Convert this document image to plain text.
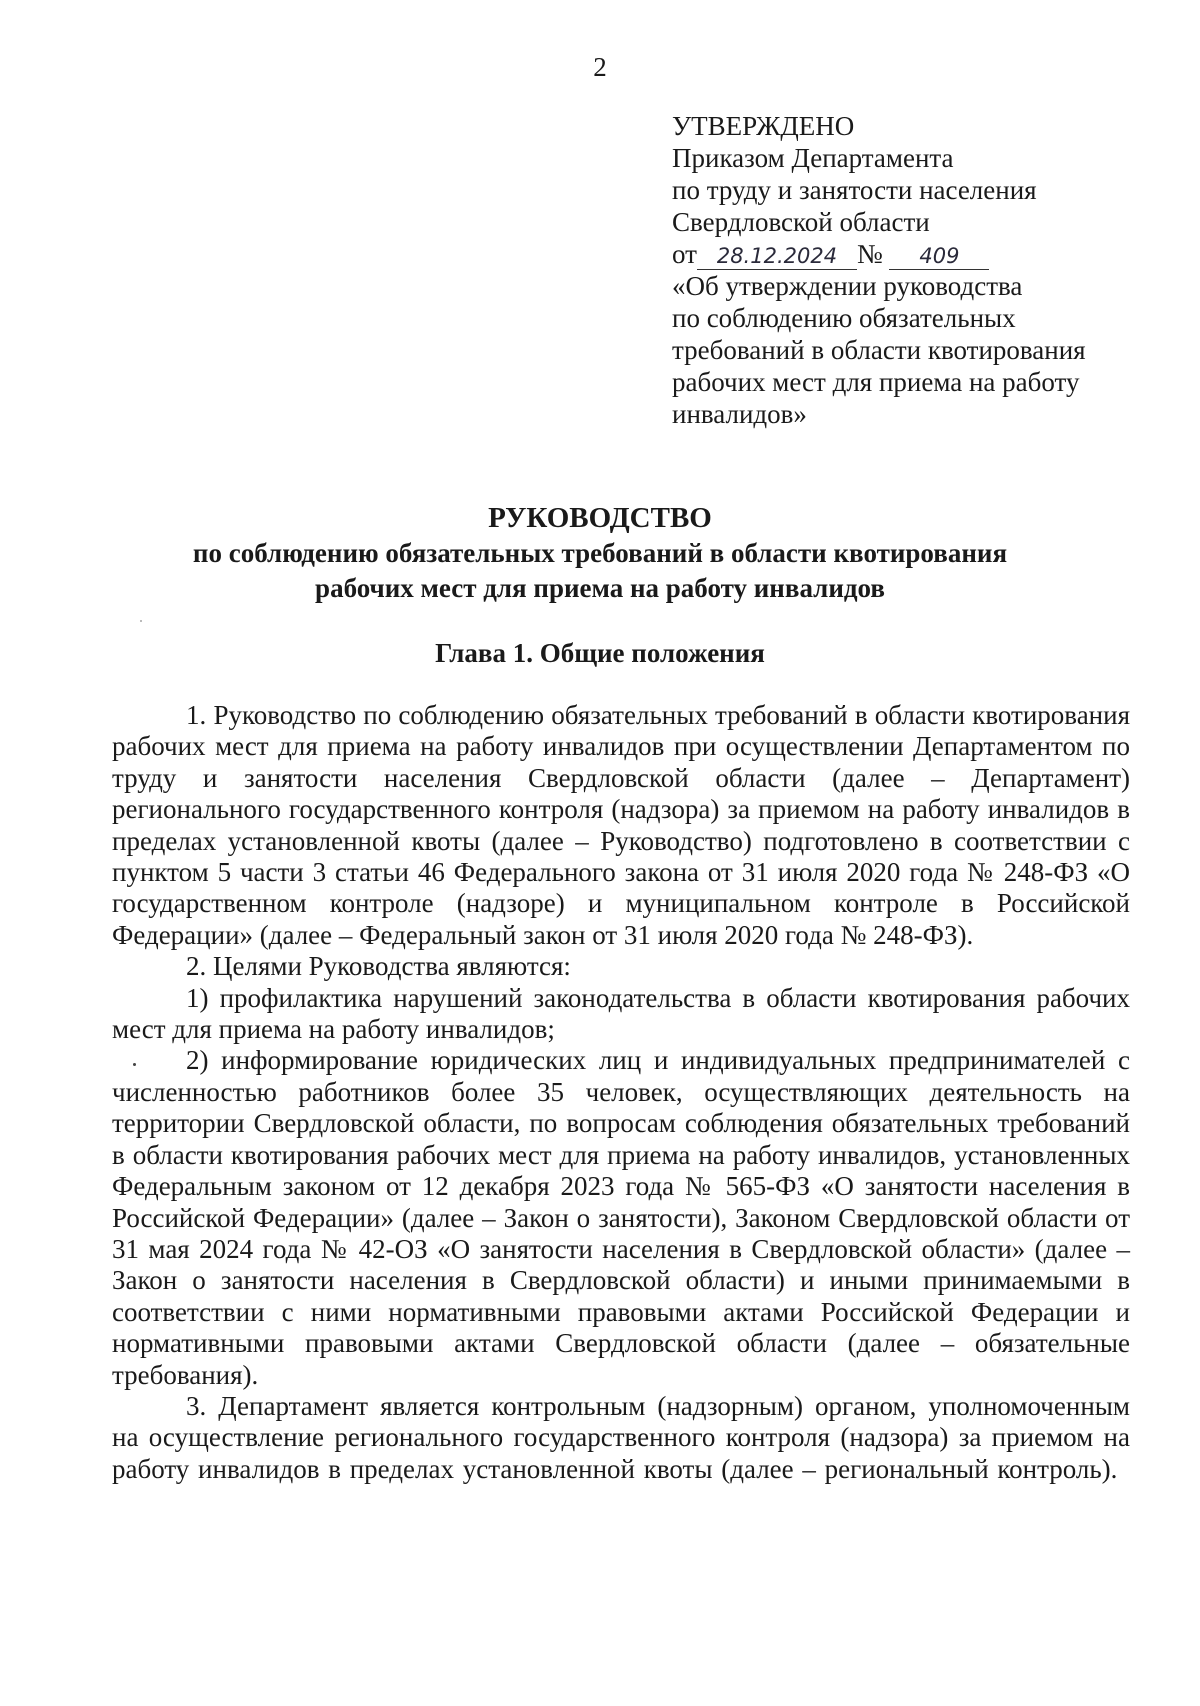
2
УТВЕРЖДЕНО
Приказом Департамента
по труду и занятости населения
Свердловской области
от 28.12.2024 № 409
«Об утверждении руководства
по соблюдению обязательных
требований в области квотирования
рабочих мест для приема на работу
инвалидов»
РУКОВОДСТВО
по соблюдению обязательных требований в области квотирования
рабочих мест для приема на работу инвалидов
Глава 1. Общие положения

1. Руководство по соблюдению обязательных требований в области квотирования рабочих мест для приема на работу инвалидов при осуществлении Департаментом по труду и занятости населения Свердловской области (далее – Департамент) регионального государственного контроля (надзора) за приемом на работу инвалидов в пределах установленной квоты (далее – Руководство) подготовлено в соответствии с пунктом 5 части 3 статьи 46 Федерального закона от 31 июля 2020 года № 248-ФЗ «О государственном контроле (надзоре) и муниципальном контроле в Российской Федерации» (далее – Федеральный закон от 31 июля 2020 года № 248-ФЗ).

2. Целями Руководства являются:

1) профилактика нарушений законодательства в области квотирования рабочих мест для приема на работу инвалидов;

2) информирование юридических лиц и индивидуальных предпринимателей с численностью работников более 35 человек, осуществляющих деятельность на территории Свердловской области, по вопросам соблюдения обязательных требований в области квотирования рабочих мест для приема на работу инвалидов, установленных Федеральным законом от 12 декабря 2023 года № 565-ФЗ «О занятости населения в Российской Федерации» (далее – Закон о занятости), Законом Свердловской области от 31 мая 2024 года № 42-ОЗ «О занятости населения в Свердловской области» (далее – Закон о занятости населения в Свердловской области) и иными принимаемыми в соответствии с ними нормативными правовыми актами Российской Федерации и нормативными правовыми актами Свердловской области (далее – обязательные требования).

3. Департамент является контрольным (надзорным) органом, уполномоченным на осуществление регионального государственного контроля (надзора) за приемом на работу инвалидов в пределах установленной квоты (далее – региональный контроль).
